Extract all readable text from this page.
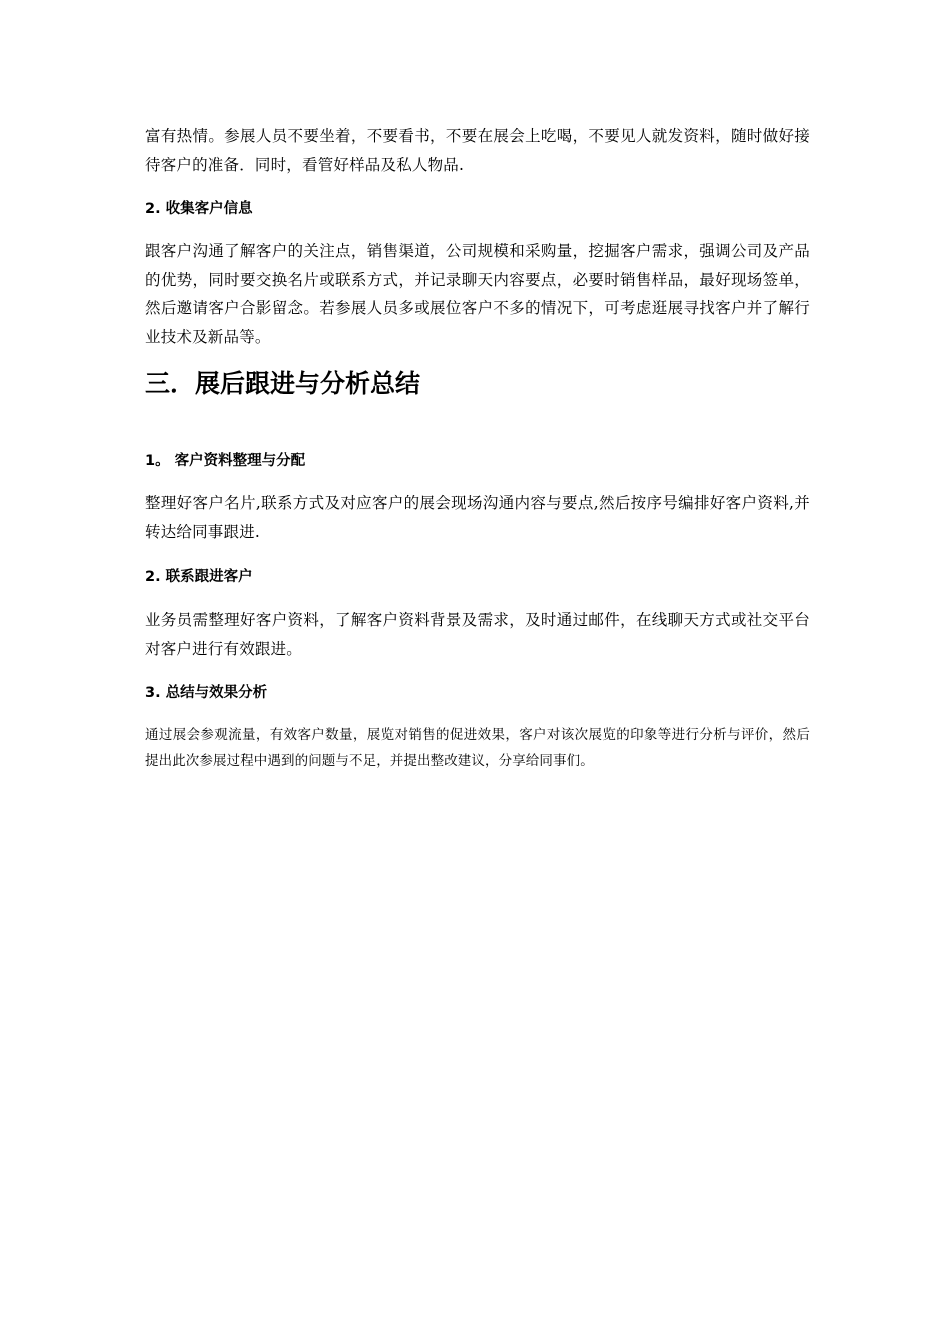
富有热情。参展人员不要坐着，不要看书，不要在展会上吃喝，不要见人就发资料，随时做好接待客户的准备．同时，看管好样品及私人物品.

2. 收集客户信息

跟客户沟通了解客户的关注点，销售渠道，公司规模和采购量，挖掘客户需求，强调公司及产品的优势，同时要交换名片或联系方式，并记录聊天内容要点，必要时销售样品，最好现场签单，然后邀请客户合影留念。若参展人员多或展位客户不多的情况下，可考虑逛展寻找客户并了解行业技术及新品等。

三．展后跟进与分析总结
1。 客户资料整理与分配

整理好客户名片,联系方式及对应客户的展会现场沟通内容与要点,然后按序号编排好客户资料,并转达给同事跟进.

2. 联系跟进客户

业务员需整理好客户资料，了解客户资料背景及需求，及时通过邮件，在线聊天方式或社交平台对客户进行有效跟进。

3. 总结与效果分析

通过展会参观流量，有效客户数量，展览对销售的促进效果，客户对该次展览的印象等进行分析与评价，然后提出此次参展过程中遇到的问题与不足，并提出整改建议，分享给同事们。
